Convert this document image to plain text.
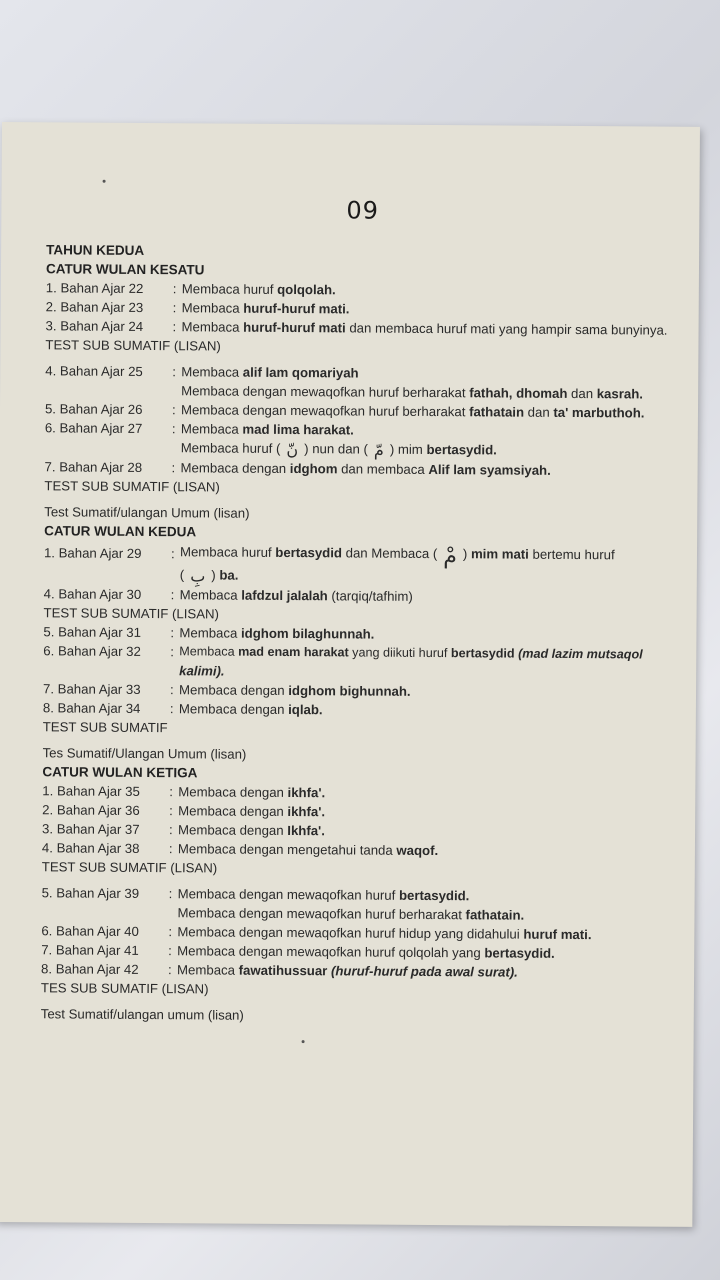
09
TAHUN KEDUA
CATUR WULAN KESATU
1. Bahan Ajar 22	: Membaca huruf qolqolah.
2. Bahan Ajar 23	: Membaca huruf-huruf mati.
3. Bahan Ajar 24	: Membaca huruf-huruf mati dan membaca huruf mati yang hampir sama bunyinya.
TEST SUB SUMATIF (LISAN)
4. Bahan Ajar 25	: Membaca alif lam qomariyah
Membaca dengan mewaqofkan huruf berharakat fathah, dhomah dan kasrah.
5. Bahan Ajar 26	: Membaca dengan mewaqofkan huruf berharakat fathatain dan ta' marbuthoh.
6. Bahan Ajar 27	: Membaca mad lima harakat.
Membaca huruf ( نّ ) nun dan ( مّ ) mim bertasydid.
7. Bahan Ajar 28	: Membaca dengan idghom dan membaca Alif lam syamsiyah.
TEST SUB SUMATIF (LISAN)
Test Sumatif/ulangan Umum (lisan)
CATUR WULAN KEDUA
1. Bahan Ajar 29	: Membaca huruf bertasydid dan Membaca ( مْ ) mim mati bertemu huruf
( بِ ) ba.
4. Bahan Ajar 30	: Membaca lafdzul jalalah (tarqiq/tafhim)
TEST SUB SUMATIF (LISAN)
5. Bahan Ajar 31	: Membaca idghom bilaghunnah.
6. Bahan Ajar 32	: Membaca mad enam harakat yang diikuti huruf bertasydid (mad lazim mutsaqol
kalimi).
7. Bahan Ajar 33	: Membaca dengan idghom bighunnah.
8. Bahan Ajar 34	: Membaca dengan iqlab.
TEST SUB SUMATIF
Tes Sumatif/Ulangan Umum (lisan)
CATUR WULAN KETIGA
1. Bahan Ajar 35	: Membaca dengan ikhfa'.
2. Bahan Ajar 36	: Membaca dengan ikhfa'.
3. Bahan Ajar 37	: Membaca dengan Ikhfa'.
4. Bahan Ajar 38	: Membaca dengan mengetahui tanda waqof.
TEST SUB SUMATIF (LISAN)
5. Bahan Ajar 39	: Membaca dengan mewaqofkan huruf bertasydid.
Membaca dengan mewaqofkan huruf berharakat fathatain.
6. Bahan Ajar 40	: Membaca dengan mewaqofkan huruf hidup yang didahului huruf mati.
7. Bahan Ajar 41	: Membaca dengan mewaqofkan huruf qolqolah yang bertasydid.
8. Bahan Ajar 42	: Membaca fawatihussuar (huruf-huruf pada awal surat).
TES SUB SUMATIF (LISAN)
Test Sumatif/ulangan umum (lisan)
